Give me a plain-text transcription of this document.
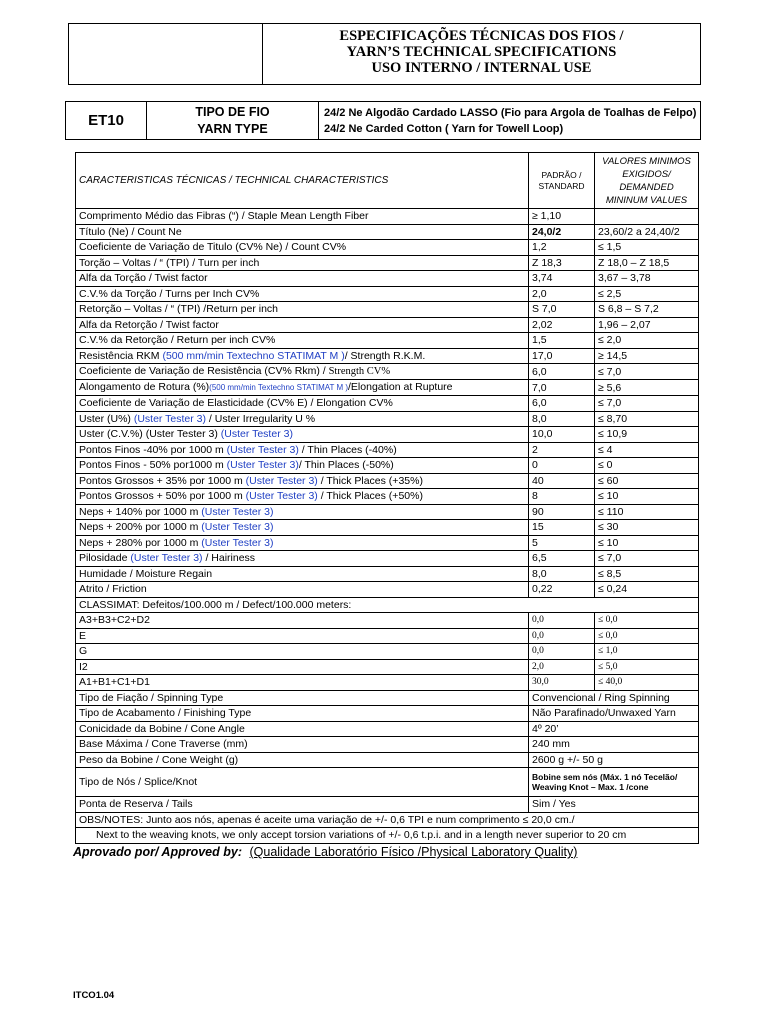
ESPECIFICAÇÕES TÉCNICAS DOS FIOS /
YARN’S TECHNICAL SPECIFICATIONS
USO INTERNO / INTERNAL USE
ET10	TIPO DE FIO
YARN TYPE
24/2 Ne Algodão Cardado LASSO (Fio para Argola de Toalhas de Felpo)
24/2 Ne Carded Cotton ( Yarn for Towell Loop)
CARACTERISTICAS TÉCNICAS / TECHNICAL CHARACTERISTICS	PADRÃO / STANDARD	VALORES MINIMOS EXIGIDOS/ DEMANDED MININUM VALUES
Comprimento Médio das Fibras (“) / Staple Mean Length Fiber	≥ 1,10	
Título (Ne) / Count Ne	24,0/2	23,60/2 a 24,40/2
Coeficiente de Variação de Titulo (CV% Ne) / Count CV%	1,2	≤ 1,5
Torção – Voltas / “ (TPI) / Turn per inch	Z 18,3	Z 18,0 – Z 18,5
Alfa da Torção / Twist factor	3,74	3,67 – 3,78
C.V.% da Torção / Turns per Inch CV%	2,0	≤ 2,5
Retorção – Voltas / “ (TPI) /Return per inch	S 7,0	S 6,8 – S 7,2
Alfa da Retorção / Twist factor	2,02	1,96 – 2,07
C.V.% da Retorção / Return per inch CV%	1,5	≤ 2,0
Resistência RKM (500 mm/min Textechno STATIMAT M )/ Strength R.K.M.	17,0	≥ 14,5
Coeficiente de Variação de Resistência (CV% Rkm) / Strength CV%	6,0	≤ 7,0
Alongamento de Rotura (%)(500 mm/min Textechno STATIMAT M )/Elongation at Rupture	7,0	≥ 5,6
Coeficiente de Variação de Elasticidade (CV% E) / Elongation CV%	6,0	≤ 7,0
Uster (U%) (Uster Tester 3) / Uster Irregularity U %	8,0	≤ 8,70
Uster (C.V.%) (Uster Tester 3) (Uster Tester 3)	10,0	≤ 10,9
Pontos Finos -40% por 1000 m (Uster Tester 3) / Thin Places (-40%)	2	≤ 4
Pontos Finos - 50% por1000 m (Uster Tester 3)/ Thin Places (-50%)	0	≤ 0
Pontos Grossos + 35% por 1000 m (Uster Tester 3) / Thick Places (+35%)	40	≤ 60
Pontos Grossos + 50% por 1000 m (Uster Tester 3) / Thick Places (+50%)	8	≤ 10
Neps + 140% por 1000 m (Uster Tester 3)	90	≤ 110
Neps + 200% por 1000 m (Uster Tester 3)	15	≤ 30
Neps + 280% por 1000 m (Uster Tester 3)	5	≤ 10
Pilosidade (Uster Tester 3) / Hairiness	6,5	≤ 7,0
Humidade / Moisture Regain	8,0	≤ 8,5
Atrito / Friction	0,22	≤ 0,24
CLASSIMAT: Defeitos/100.000 m / Defect/100.000 meters:		
A3+B3+C2+D2	0,0	≤ 0,0
E	0,0	≤ 0,0
G	0,0	≤ 1,0
I2	2,0	≤ 5,0
A1+B1+C1+D1	30,0	≤ 40,0
Tipo de Fiação / Spinning Type	Convencional / Ring Spinning	
Tipo de Acabamento / Finishing Type	Não Parafinado/Unwaxed Yarn	
Conicidade da Bobine / Cone Angle	4º 20’	
Base Máxima / Cone Traverse (mm)	240 mm	
Peso da Bobine / Cone Weight (g)	2600 g +/- 50 g	
Tipo de Nós / Splice/Knot	Bobine sem nós (Máx. 1 nó Tecelão/ Weaving Knot – Max. 1 /cone	
Ponta de Reserva / Tails	Sim / Yes	
OBS/NOTES: Junto aos nós, apenas é aceite uma variação de +/- 0,6 TPI e num comprimento ≤ 20,0 cm./		
Next to the weaving knots, we only accept torsion variations of +/- 0,6 t.p.i. and in a length never superior to 20 cm		
Aprovado por/ Approved by: (Qualidade Laboratório Físico /Physical Laboratory Quality)
ITCO1.04
